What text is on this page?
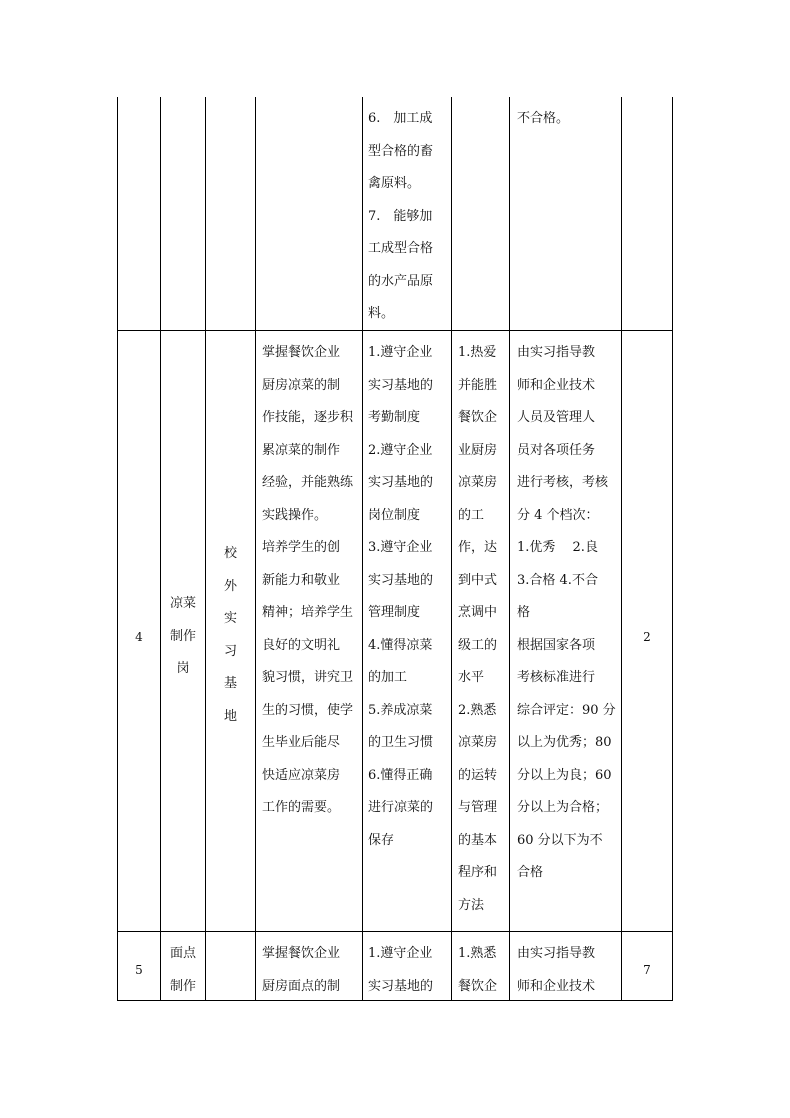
6.　加工成
型合格的畜
禽原料。
7.　能够加
工成型合格
的水产品原
料。
不合格。
4
凉菜
制作
岗
校
外
实
习
基
地
掌握餐饮企业
厨房凉菜的制
作技能，逐步积
累凉菜的制作
经验，并能熟练
实践操作。
培养学生的创
新能力和敬业
精神；培养学生
良好的文明礼
貌习惯，讲究卫
生的习惯，使学
生毕业后能尽
快适应凉菜房
工作的需要。
1.遵守企业
实习基地的
考勤制度
2.遵守企业
实习基地的
岗位制度
3.遵守企业
实习基地的
管理制度
4.懂得凉菜
的加工
5.养成凉菜
的卫生习惯
6.懂得正确
进行凉菜的
保存
1.热爱
并能胜
餐饮企
业厨房
凉菜房
的工
作，达
到中式
烹调中
级工的
水平
2.熟悉
凉菜房
的运转
与管理
的基本
程序和
方法
由实习指导教
师和企业技术
人员及管理人
员对各项任务
进行考核，考核
分 4 个档次：
1.优秀　 2.良
3.合格 4.不合
格
根据国家各项
考核标准进行
综合评定：90 分
以上为优秀；80
分以上为良；60
分以上为合格；
60 分以下为不
合格
2
5
面点
制作
掌握餐饮企业
厨房面点的制
1.遵守企业
实习基地的
1.熟悉
餐饮企
由实习指导教
师和企业技术
7
